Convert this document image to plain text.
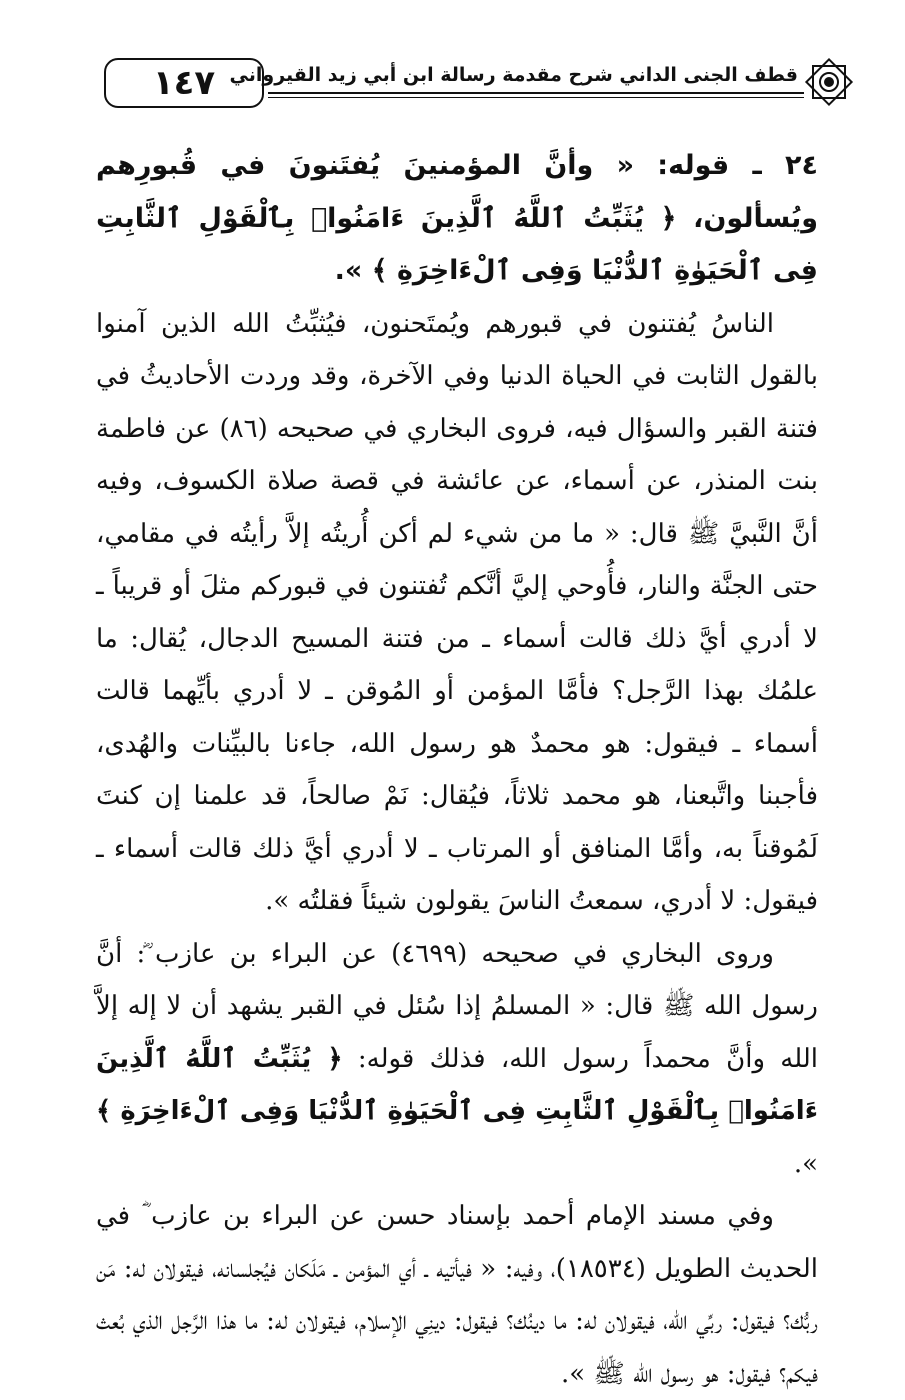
١٤٧ قطف الجنى الداني شرح مقدمة رسالة ابن أبي زيد القيرواني

٢٤ ـ قوله: « وأنَّ المؤمنينَ يُفتَنونَ في قُبورِهم ويُسألون، ﴿ يُثَبِّتُ ٱللَّهُ ٱلَّذِينَ ءَامَنُوا۟ بِٱلْقَوْلِ ٱلثَّابِتِ فِى ٱلْحَيَوٰةِ ٱلدُّنْيَا وَفِى ٱلْءَاخِرَةِ ﴾ ».

الناسُ يُفتنون في قبورهم ويُمتَحنون، فيُثبِّتُ الله الذين آمنوا بالقول الثابت في الحياة الدنيا وفي الآخرة، وقد وردت الأحاديثُ في فتنة القبر والسؤال فيه، فروى البخاري في صحيحه (٨٦) عن فاطمة بنت المنذر، عن أسماء، عن عائشة في قصة صلاة الكسوف، وفيه أنَّ النَّبيَّ ﷺ قال: « ما من شيء لم أكن أُريتُه إلاَّ رأيتُه في مقامي، حتى الجنَّة والنار، فأُوحي إليَّ أنَّكم تُفتنون في قبوركم مثلَ أو قريباً ـ لا أدري أيَّ ذلك قالت أسماء ـ من فتنة المسيح الدجال، يُقال: ما علمُك بهذا الرَّجل؟ فأمَّا المؤمن أو المُوقن ـ لا أدري بأيِّهما قالت أسماء ـ فيقول: هو محمدٌ هو رسول الله، جاءنا بالبيِّنات والهُدى، فأجبنا واتَّبعنا، هو محمد ثلاثاً، فيُقال: نَمْ صالحاً، قد علمنا إن كنتَ لَمُوقناً به، وأمَّا المنافق أو المرتاب ـ لا أدري أيَّ ذلك قالت أسماء ـ فيقول: لا أدري، سمعتُ الناسَ يقولون شيئاً فقلتُه ».

وروى البخاري في صحيحه (٤٦٩٩) عن البراء بن عازب ؓ: أنَّ رسول الله ﷺ قال: « المسلمُ إذا سُئل في القبر يشهد أن لا إله إلاَّ الله وأنَّ محمداً رسول الله، فذلك قوله: ﴿ يُثَبِّتُ ٱللَّهُ ٱلَّذِينَ ءَامَنُوا۟ بِٱلْقَوْلِ ٱلثَّابِتِ فِى ٱلْحَيَوٰةِ ٱلدُّنْيَا وَفِى ٱلْءَاخِرَةِ ﴾ ».

وفي مسند الإمام أحمد بإسناد حسن عن البراء بن عازب ؓ في الحديث الطويل (١٨٥٣٤)، وفيه: « فيأتيه ـ أي المؤمن ـ مَلَكان فيُجلسانه، فيقولان له: مَن ربُّك؟ فيقول: ربِّي الله، فيقولان له: ما دينُك؟ فيقول: دينِي الإسلام، فيقولان له: ما هذا الرَّجل الذي بُعث فيكم؟ فيقول: هو رسول الله ﷺ ».
